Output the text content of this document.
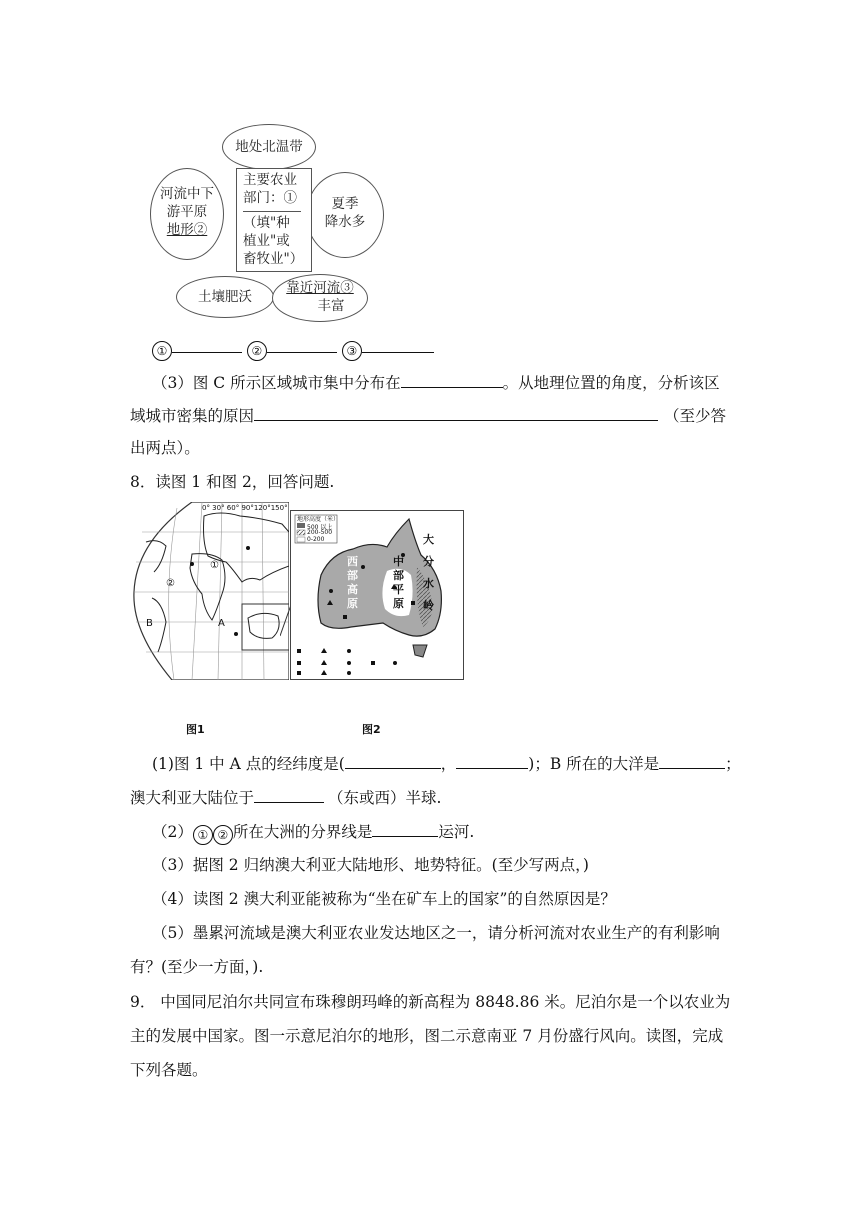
地处北温带
河流中下
游平原
地形②
夏季
降水多
土壤肥沃
靠近河流③
丰富
主要农业
部门：①
（填"种
植业"或
畜牧业"）
①	②	③
（3）图 C 所示区域城市集中分布在	。从地理位置的角度，分析该区
域城市密集的原因	（至少答
出两点）。
8．读图 1 和图 2，回答问题.
0° 30° 60° 90°120°150°
①
②
B	A
地形高度（米）
500 以上
200-500
0-200
西
部
高
原
中
部
平
原
大
分
水
岭
图1	图2
(1)图 1 中 A 点的经纬度是(	，	)；B 所在的大洋是	；
澳大利亚大陆位于	（东或西）半球.
（2） ① ② 所在大洲的分界线是	运河.
（3）据图 2 归纳澳大利亚大陆地形、地势特征。(至少写两点，)
（4）读图 2 澳大利亚能被称为“坐在矿车上的国家”的自然原因是？
（5）墨累河流域是澳大利亚农业发达地区之一，请分析河流对农业生产的有利影响
有？(至少一方面，).
9． 中国同尼泊尔共同宣布珠穆朗玛峰的新高程为 8848.86 米。尼泊尔是一个以农业为
主的发展中国家。图一示意尼泊尔的地形，图二示意南亚 7 月份盛行风向。读图，完成
下列各题。
